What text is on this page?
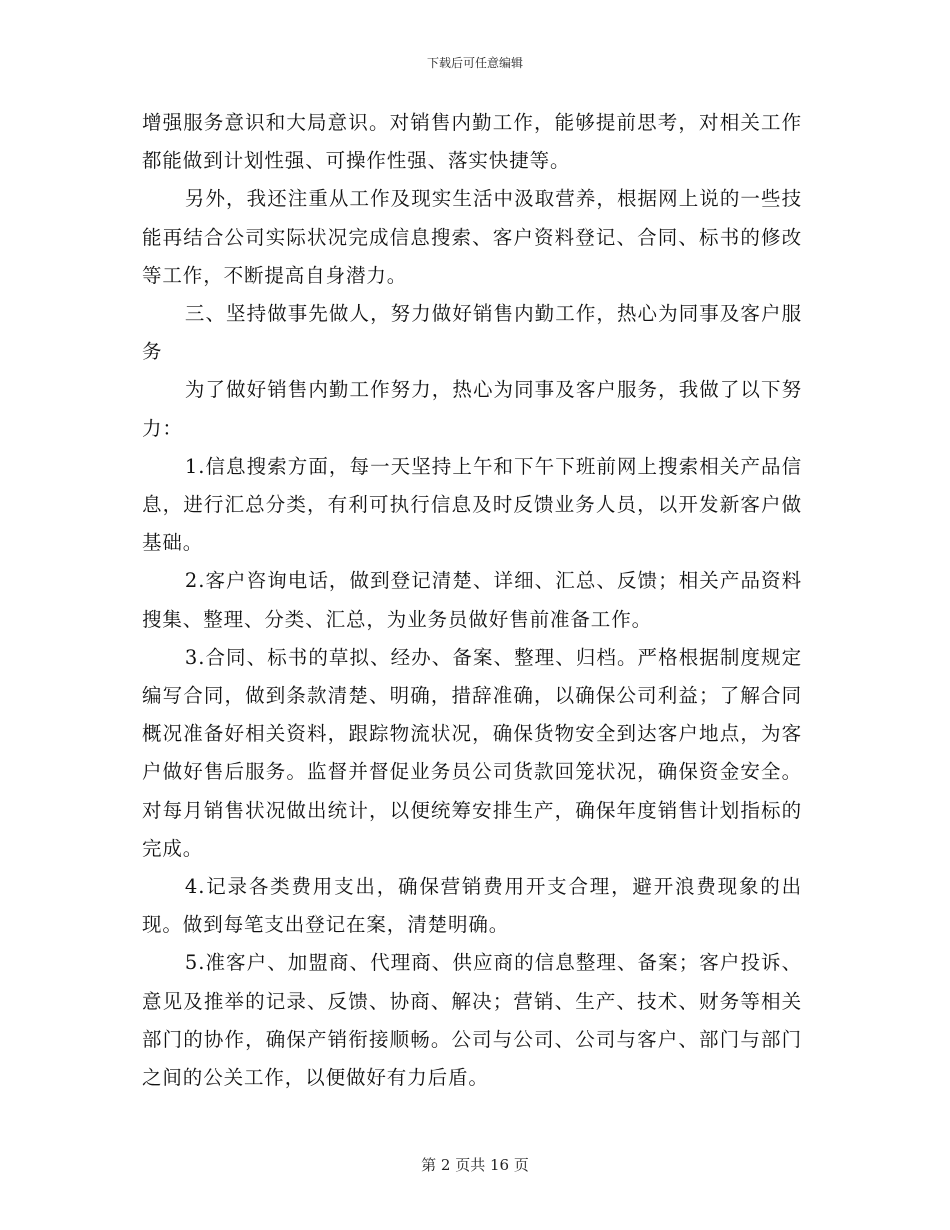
下载后可任意编辑

增强服务意识和大局意识。对销售内勤工作，能够提前思考，对相关工作都能做到计划性强、可操作性强、落实快捷等。

另外，我还注重从工作及现实生活中汲取营养，根据网上说的一些技能再结合公司实际状况完成信息搜索、客户资料登记、合同、标书的修改等工作，不断提高自身潜力。

三、坚持做事先做人，努力做好销售内勤工作，热心为同事及客户服务

为了做好销售内勤工作努力，热心为同事及客户服务，我做了以下努力：

1.信息搜索方面，每一天坚持上午和下午下班前网上搜索相关产品信息，进行汇总分类，有利可执行信息及时反馈业务人员，以开发新客户做基础。

2.客户咨询电话，做到登记清楚、详细、汇总、反馈；相关产品资料搜集、整理、分类、汇总，为业务员做好售前准备工作。

3.合同、标书的草拟、经办、备案、整理、归档。严格根据制度规定编写合同，做到条款清楚、明确，措辞准确，以确保公司利益；了解合同概况准备好相关资料，跟踪物流状况，确保货物安全到达客户地点，为客户做好售后服务。监督并督促业务员公司货款回笼状况，确保资金安全。对每月销售状况做出统计，以便统筹安排生产，确保年度销售计划指标的完成。

4.记录各类费用支出，确保营销费用开支合理，避开浪费现象的出现。做到每笔支出登记在案，清楚明确。

5.准客户、加盟商、代理商、供应商的信息整理、备案；客户投诉、意见及推举的记录、反馈、协商、解决；营销、生产、技术、财务等相关部门的协作，确保产销衔接顺畅。公司与公司、公司与客户、部门与部门之间的公关工作，以便做好有力后盾。

第 2 页共 16 页
